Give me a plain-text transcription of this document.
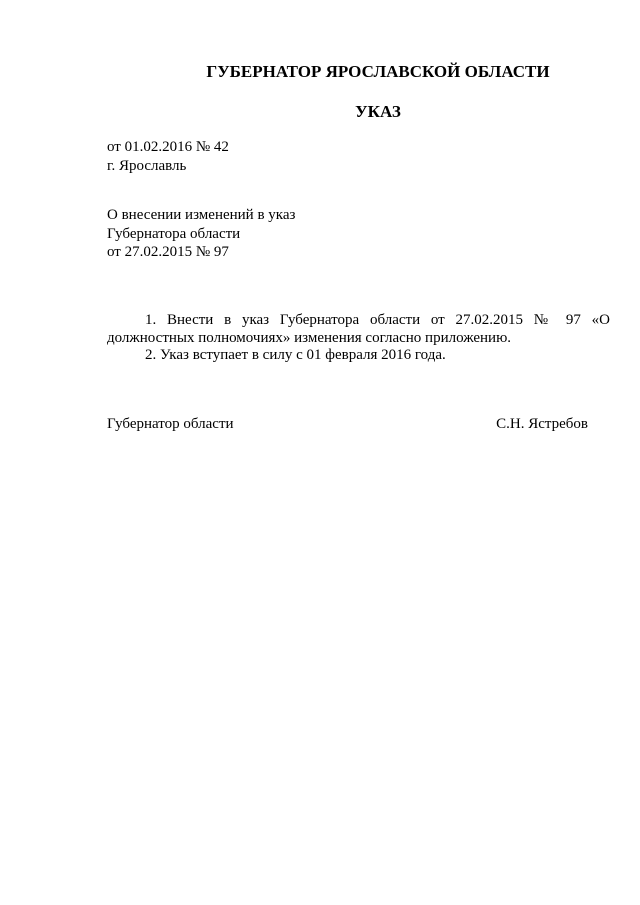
ГУБЕРНАТОР ЯРОСЛАВСКОЙ ОБЛАСТИ
УКАЗ
от 01.02.2016 № 42
г. Ярославль
О внесении изменений в указ
Губернатора области
от 27.02.2015 № 97

1. Внести в указ Губернатора области от 27.02.2015 № 97 «О должностных полномочиях» изменения согласно приложению.

2. Указ вступает в силу с 01 февраля 2016 года.

Губернатор области	С.Н. Ястребов
